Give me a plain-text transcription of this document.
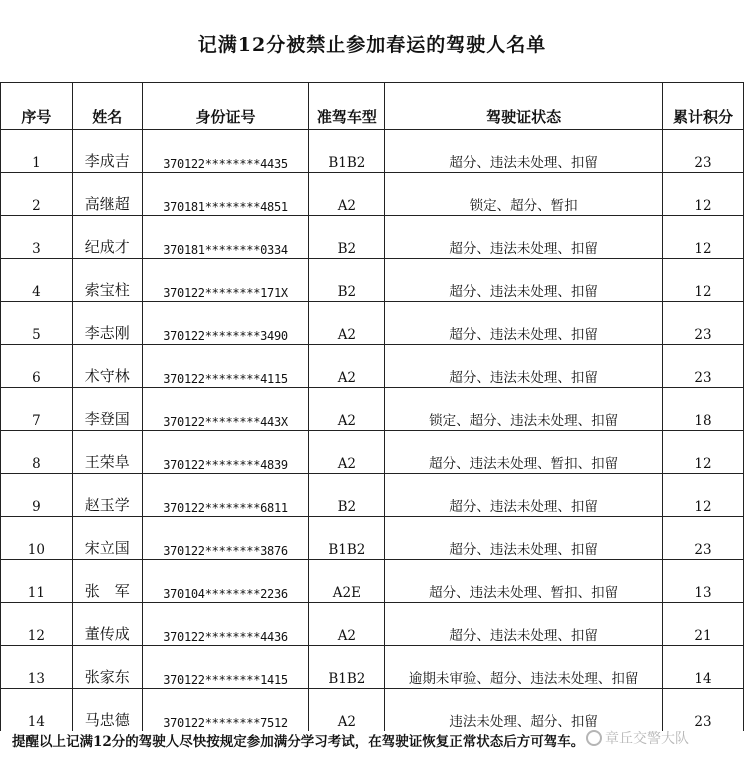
记满12分被禁止参加春运的驾驶人名单
序号	姓名	身份证号	准驾车型	驾驶证状态	累计积分
1	李成吉	370122********4435	B1B2	超分、违法未处理、扣留	23
2	高继超	370181********4851	A2	锁定、超分、暂扣	12
3	纪成才	370181********0334	B2	超分、违法未处理、扣留	12
4	索宝柱	370122********171X	B2	超分、违法未处理、扣留	12
5	李志刚	370122********3490	A2	超分、违法未处理、扣留	23
6	术守林	370122********4115	A2	超分、违法未处理、扣留	23
7	李登国	370122********443X	A2	锁定、超分、违法未处理、扣留	18
8	王荣阜	370122********4839	A2	超分、违法未处理、暂扣、扣留	12
9	赵玉学	370122********6811	B2	超分、违法未处理、扣留	12
10	宋立国	370122********3876	B1B2	超分、违法未处理、扣留	23
11	张　军	370104********2236	A2E	超分、违法未处理、暂扣、扣留	13
12	董传成	370122********4436	A2	超分、违法未处理、扣留	21
13	张家东	370122********1415	B1B2	逾期未审验、超分、违法未处理、扣留	14
14	马忠德	370122********7512	A2	违法未处理、超分、扣留	23
提醒以上记满12分的驾驶人尽快按规定参加满分学习考试，在驾驶证恢复正常状态后方可驾车。	章丘交警大队
